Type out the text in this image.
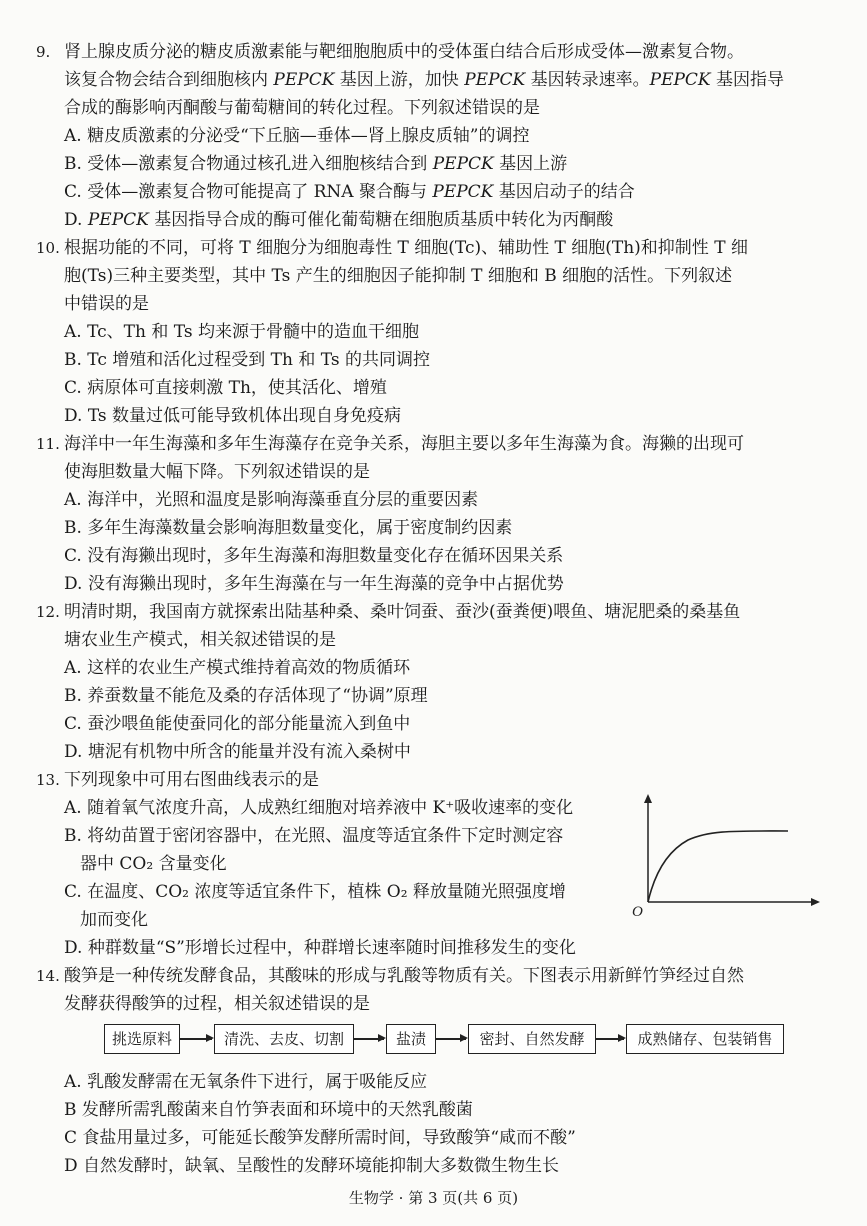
9. 肾上腺皮质分泌的糖皮质激素能与靶细胞胞质中的受体蛋白结合后形成受体—激素复合物。
该复合物会结合到细胞核内 PEPCK 基因上游，加快 PEPCK 基因转录速率。PEPCK 基因指导
合成的酶影响丙酮酸与葡萄糖间的转化过程。下列叙述错误的是
A. 糖皮质激素的分泌受“下丘脑—垂体—肾上腺皮质轴”的调控
B. 受体—激素复合物通过核孔进入细胞核结合到 PEPCK 基因上游
C. 受体—激素复合物可能提高了 RNA 聚合酶与 PEPCK 基因启动子的结合
D. PEPCK 基因指导合成的酶可催化葡萄糖在细胞质基质中转化为丙酮酸
10. 根据功能的不同，可将 T 细胞分为细胞毒性 T 细胞(Tc)、辅助性 T 细胞(Th)和抑制性 T 细
胞(Ts)三种主要类型，其中 Ts 产生的细胞因子能抑制 T 细胞和 B 细胞的活性。下列叙述
中错误的是
A. Tc、Th 和 Ts 均来源于骨髓中的造血干细胞
B. Tc 增殖和活化过程受到 Th 和 Ts 的共同调控
C. 病原体可直接刺激 Th，使其活化、增殖
D. Ts 数量过低可能导致机体出现自身免疫病
11. 海洋中一年生海藻和多年生海藻存在竞争关系，海胆主要以多年生海藻为食。海獭的出现可
使海胆数量大幅下降。下列叙述错误的是
A. 海洋中，光照和温度是影响海藻垂直分层的重要因素
B. 多年生海藻数量会影响海胆数量变化，属于密度制约因素
C. 没有海獭出现时，多年生海藻和海胆数量变化存在循环因果关系
D. 没有海獭出现时，多年生海藻在与一年生海藻的竞争中占据优势
12. 明清时期，我国南方就探索出陆基种桑、桑叶饲蚕、蚕沙(蚕粪便)喂鱼、塘泥肥桑的桑基鱼
塘农业生产模式，相关叙述错误的是
A. 这样的农业生产模式维持着高效的物质循环
B. 养蚕数量不能危及桑的存活体现了“协调”原理
C. 蚕沙喂鱼能使蚕同化的部分能量流入到鱼中
D. 塘泥有机物中所含的能量并没有流入桑树中
13. 下列现象中可用右图曲线表示的是
A. 随着氧气浓度升高，人成熟红细胞对培养液中 K⁺吸收速率的变化
B. 将幼苗置于密闭容器中，在光照、温度等适宜条件下定时测定容
器中 CO₂ 含量变化
C. 在温度、CO₂ 浓度等适宜条件下，植株 O₂ 释放量随光照强度增
加而变化
D. 种群数量“S”形增长过程中，种群增长速率随时间推移发生的变化
O
14. 酸笋是一种传统发酵食品，其酸味的形成与乳酸等物质有关。下图表示用新鲜竹笋经过自然
发酵获得酸笋的过程，相关叙述错误的是
挑选原料	清洗、去皮、切割	盐渍	密封、自然发酵	成熟储存、包装销售
A. 乳酸发酵需在无氧条件下进行，属于吸能反应
B 发酵所需乳酸菌来自竹笋表面和环境中的天然乳酸菌
C 食盐用量过多，可能延长酸笋发酵所需时间，导致酸笋“咸而不酸”
D 自然发酵时，缺氧、呈酸性的发酵环境能抑制大多数微生物生长
生物学 · 第 3 页(共 6 页)
